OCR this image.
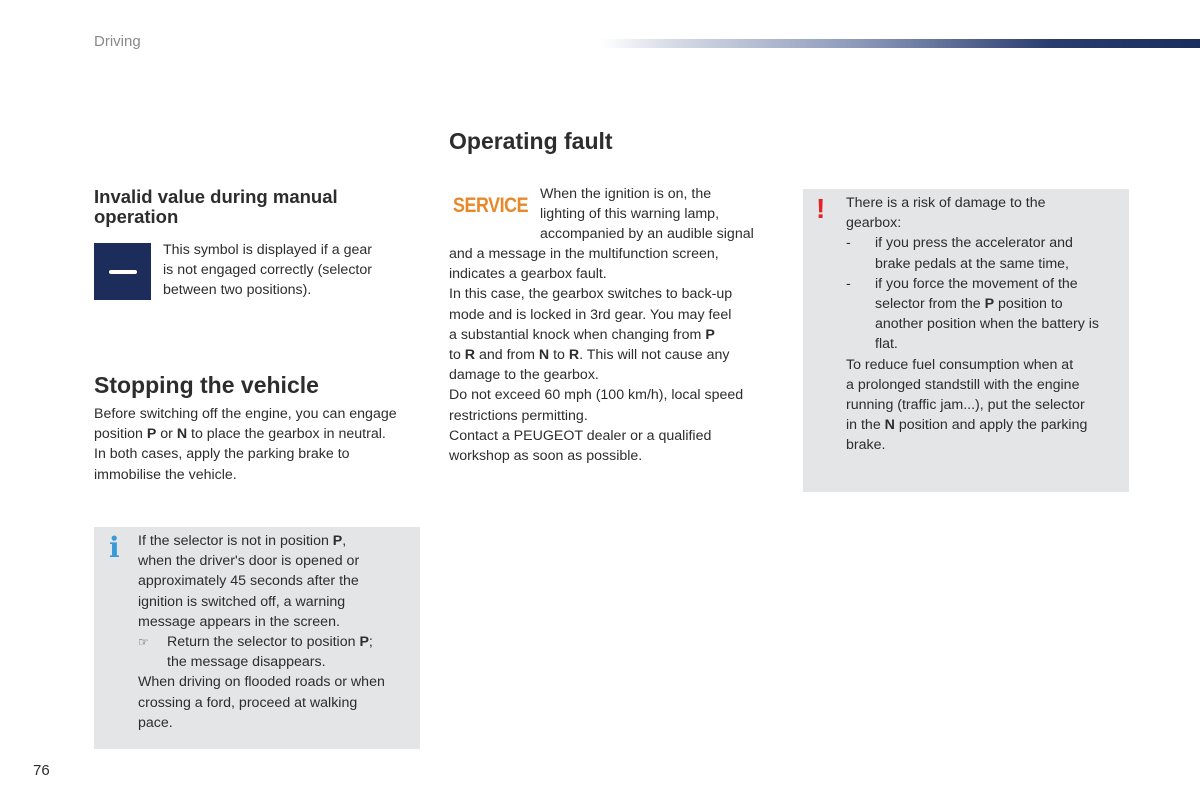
Driving
Invalid value during manual operation

This symbol is displayed if a gear

is not engaged correctly (selector

between two positions).

Stopping the vehicle

Before switching off the engine, you can engage

position P or N to place the gearbox in neutral.

In both cases, apply the parking brake to

immobilise the vehicle.

i If the selector is not in position P,

when the driver's door is opened or

approximately 45 seconds after the

ignition is switched off, a warning

message appears in the screen.

☞	Return the selector to position P;
the message disappears.

When driving on flooded roads or when

crossing a ford, proceed at walking

pace.

Operating fault
SERVICE When the ignition is on, the

lighting of this warning lamp,

accompanied by an audible signal

and a message in the multifunction screen,

indicates a gearbox fault.

In this case, the gearbox switches to back-up

mode and is locked in 3rd gear. You may feel

a substantial knock when changing from P

to R and from N to R. This will not cause any

damage to the gearbox.

Do not exceed 60 mph (100 km/h), local speed

restrictions permitting.

Contact a PEUGEOT dealer or a qualified

workshop as soon as possible.

! There is a risk of damage to the

gearbox:

-	if you press the accelerator and
brake pedals at the same time,
-	if you force the movement of the
selector from the P position to
another position when the battery is
flat.

To reduce fuel consumption when at

a prolonged standstill with the engine

running (traffic jam...), put the selector

in the N position and apply the parking

brake.

76
